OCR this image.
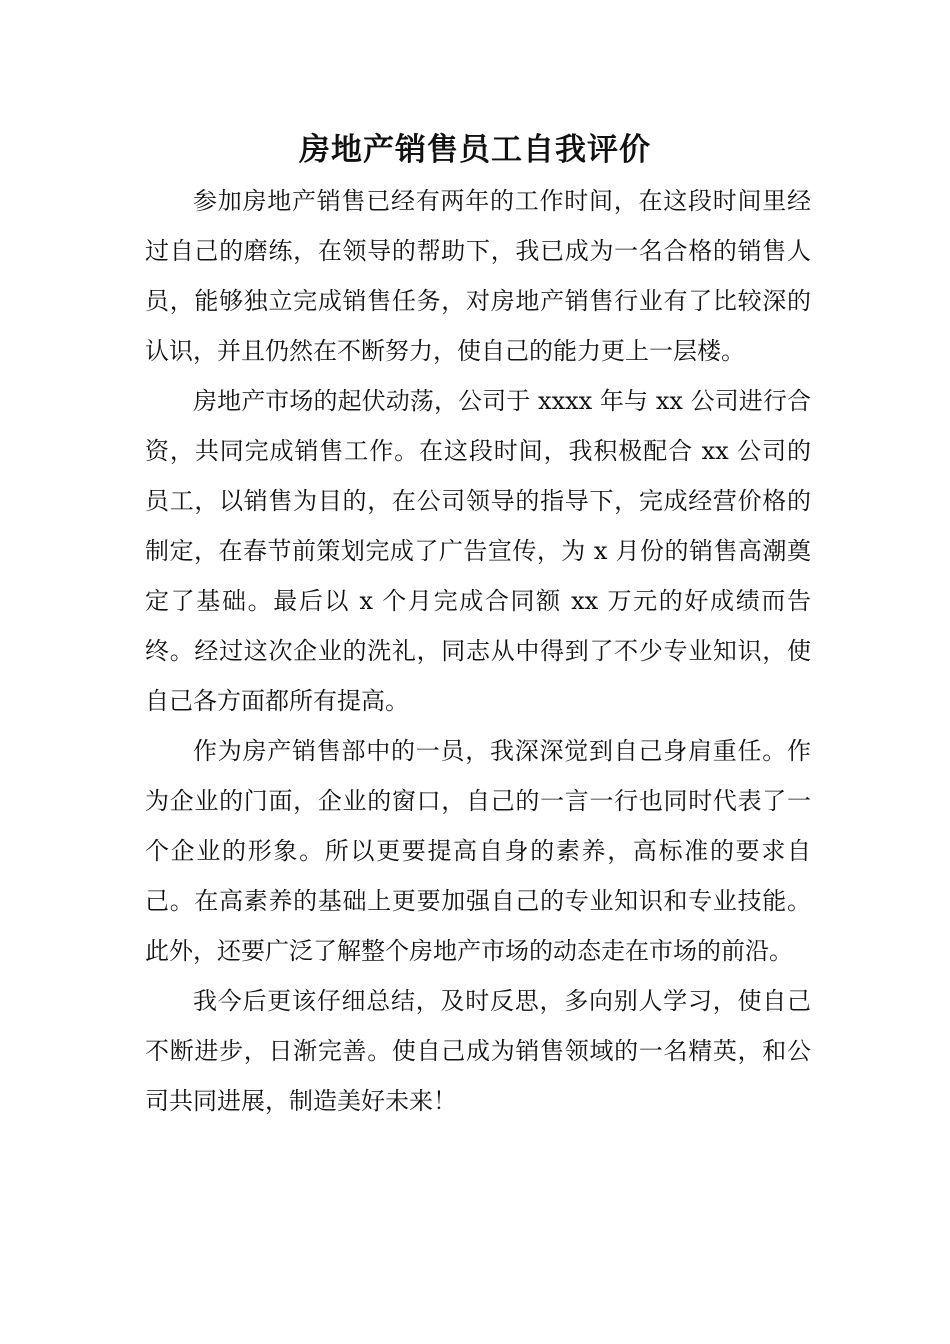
房地产销售员工自我评价

参加房地产销售已经有两年的工作时间，在这段时间里经过自己的磨练，在领导的帮助下，我已成为一名合格的销售人员，能够独立完成销售任务，对房地产销售行业有了比较深的认识，并且仍然在不断努力，使自己的能力更上一层楼。

房地产市场的起伏动荡，公司于 xxxx 年与 xx 公司进行合资，共同完成销售工作。在这段时间，我积极配合 xx 公司的员工，以销售为目的，在公司领导的指导下，完成经营价格的制定，在春节前策划完成了广告宣传，为 x 月份的销售高潮奠定了基础。最后以 x 个月完成合同额 xx 万元的好成绩而告终。经过这次企业的洗礼，同志从中得到了不少专业知识，使自己各方面都所有提高。

作为房产销售部中的一员，我深深觉到自己身肩重任。作为企业的门面，企业的窗口，自己的一言一行也同时代表了一个企业的形象。所以更要提高自身的素养，高标准的要求自己。在高素养的基础上更要加强自己的专业知识和专业技能。此外，还要广泛了解整个房地产市场的动态走在市场的前沿。

我今后更该仔细总结，及时反思，多向别人学习，使自己不断进步，日渐完善。使自己成为销售领域的一名精英，和公司共同进展，制造美好未来！
